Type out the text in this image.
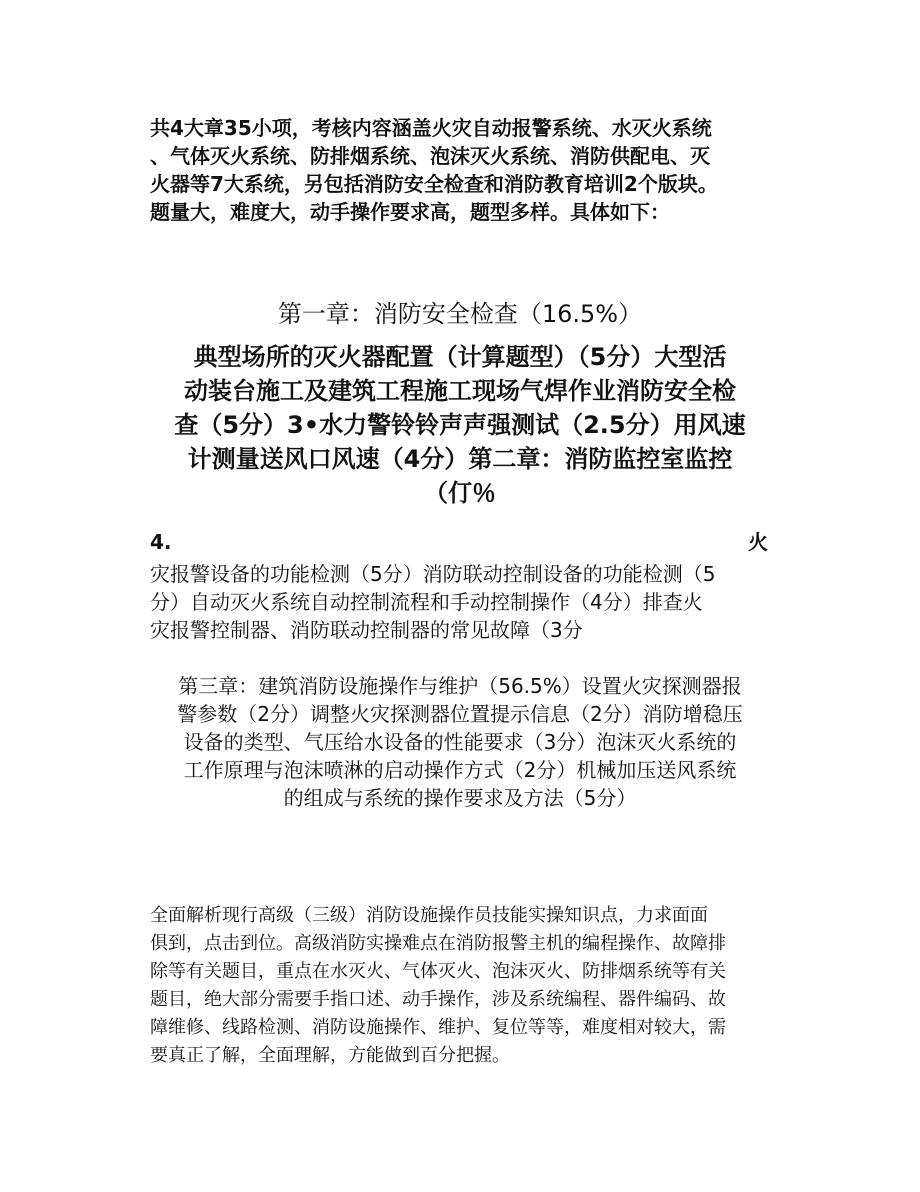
共4大章35小项，考核内容涵盖火灾自动报警系统、水灭火系统
、气体灭火系统、防排烟系统、泡沫灭火系统、消防供配电、灭
火器等7大系统，另包括消防安全检查和消防教育培训2个版块。
题量大，难度大，动手操作要求高，题型多样。具体如下：
第一章：消防安全检查（16.5%）
典型场所的灭火器配置（计算题型）（5分）大型活
动装台施工及建筑工程施工现场气焊作业消防安全检
查（5分）3•水力警铃铃声声强测试（2.5分）用风速
计测量送风口风速（4分）第二章：消防监控室监控
（仃％
4.	火
灾报警设备的功能检测（5分）消防联动控制设备的功能检测（5
分）自动灭火系统自动控制流程和手动控制操作（4分）排查火
灾报警控制器、消防联动控制器的常见故障（3分
第三章：建筑消防设施操作与维护（56.5%）设置火灾探测器报
警参数（2分）调整火灾探测器位置提示信息（2分）消防增稳压
设备的类型、气压给水设备的性能要求（3分）泡沫灭火系统的
工作原理与泡沫喷淋的启动操作方式（2分）机械加压送风系统
的组成与系统的操作要求及方法（5分）
全面解析现行高级（三级）消防设施操作员技能实操知识点，力求面面
俱到，点击到位。高级消防实操难点在消防报警主机的编程操作、故障排
除等有关题目，重点在水灭火、气体灭火、泡沫灭火、防排烟系统等有关
题目，绝大部分需要手指口述、动手操作，涉及系统编程、器件编码、故
障维修、线路检测、消防设施操作、维护、复位等等，难度相对较大，需
要真正了解，全面理解，方能做到百分把握。
